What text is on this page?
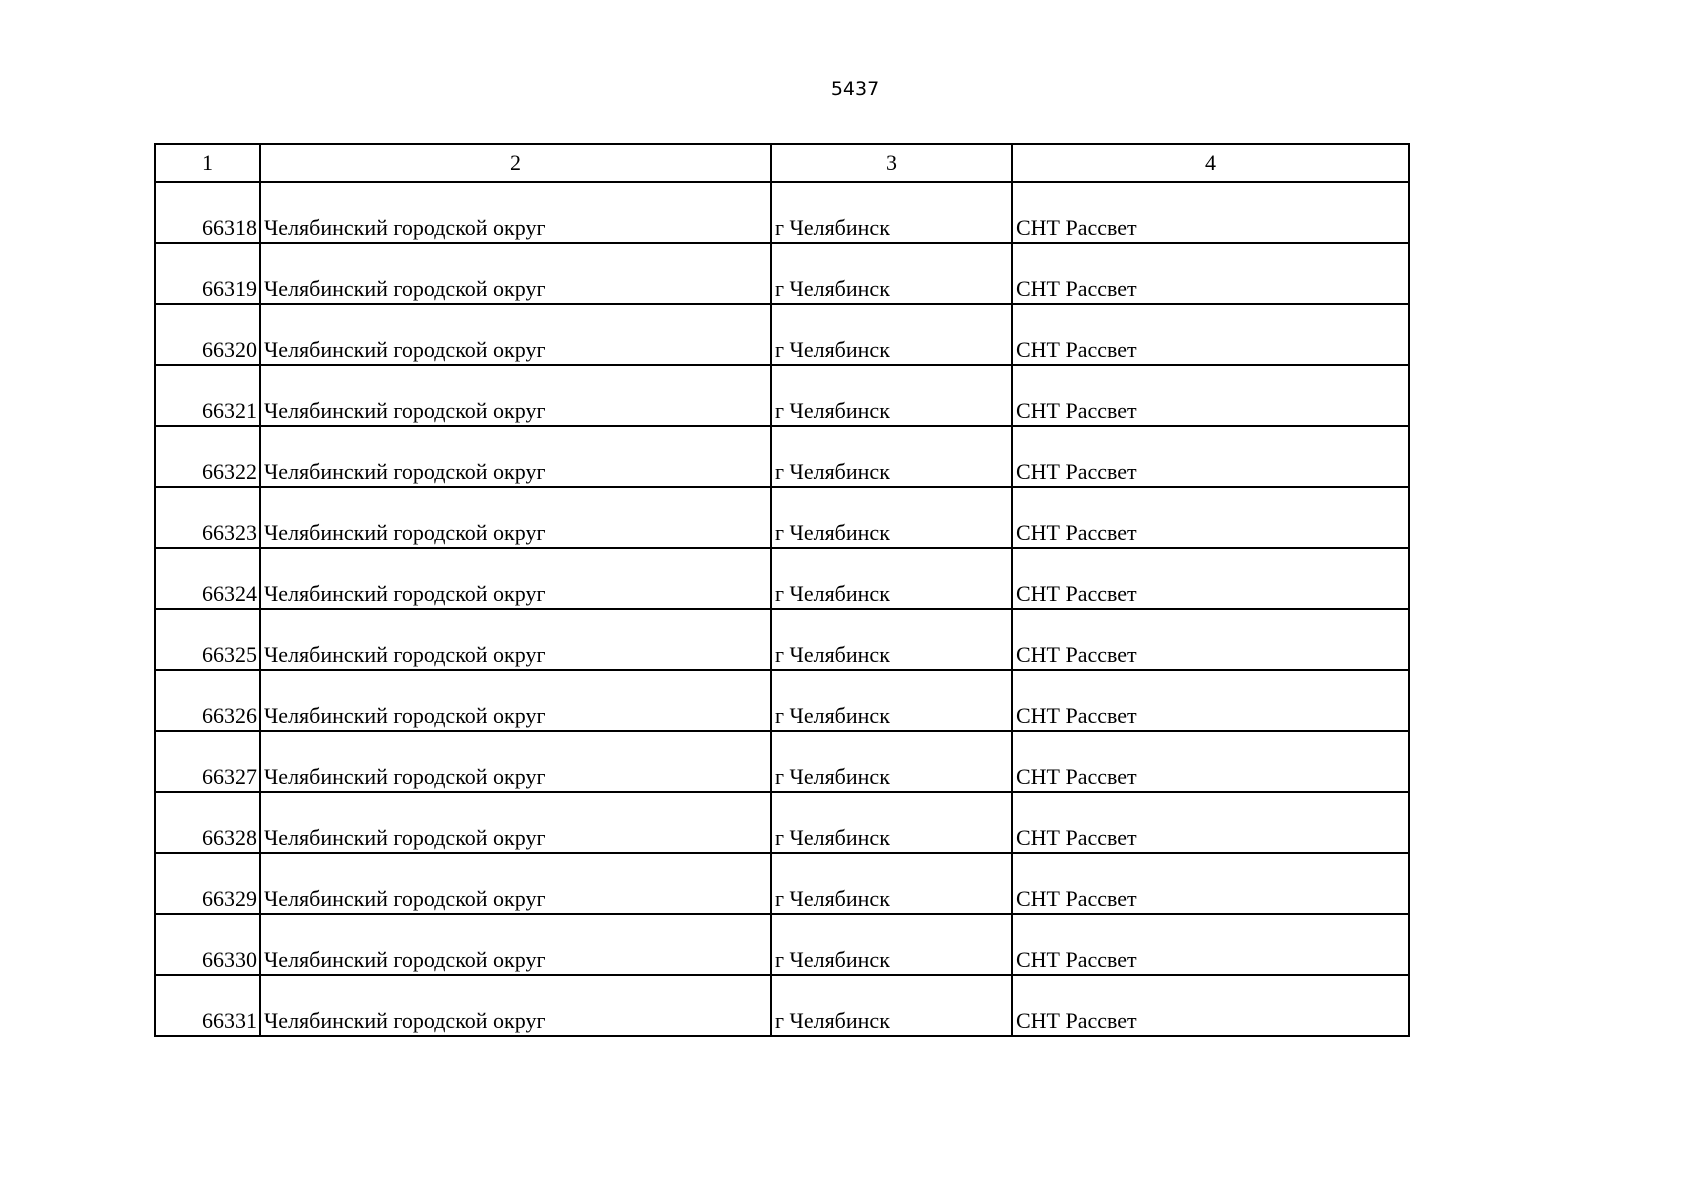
5437
1	2	3	4
66318	Челябинский городской округ	г Челябинск	СНТ Рассвет
66319	Челябинский городской округ	г Челябинск	СНТ Рассвет
66320	Челябинский городской округ	г Челябинск	СНТ Рассвет
66321	Челябинский городской округ	г Челябинск	СНТ Рассвет
66322	Челябинский городской округ	г Челябинск	СНТ Рассвет
66323	Челябинский городской округ	г Челябинск	СНТ Рассвет
66324	Челябинский городской округ	г Челябинск	СНТ Рассвет
66325	Челябинский городской округ	г Челябинск	СНТ Рассвет
66326	Челябинский городской округ	г Челябинск	СНТ Рассвет
66327	Челябинский городской округ	г Челябинск	СНТ Рассвет
66328	Челябинский городской округ	г Челябинск	СНТ Рассвет
66329	Челябинский городской округ	г Челябинск	СНТ Рассвет
66330	Челябинский городской округ	г Челябинск	СНТ Рассвет
66331	Челябинский городской округ	г Челябинск	СНТ Рассвет
